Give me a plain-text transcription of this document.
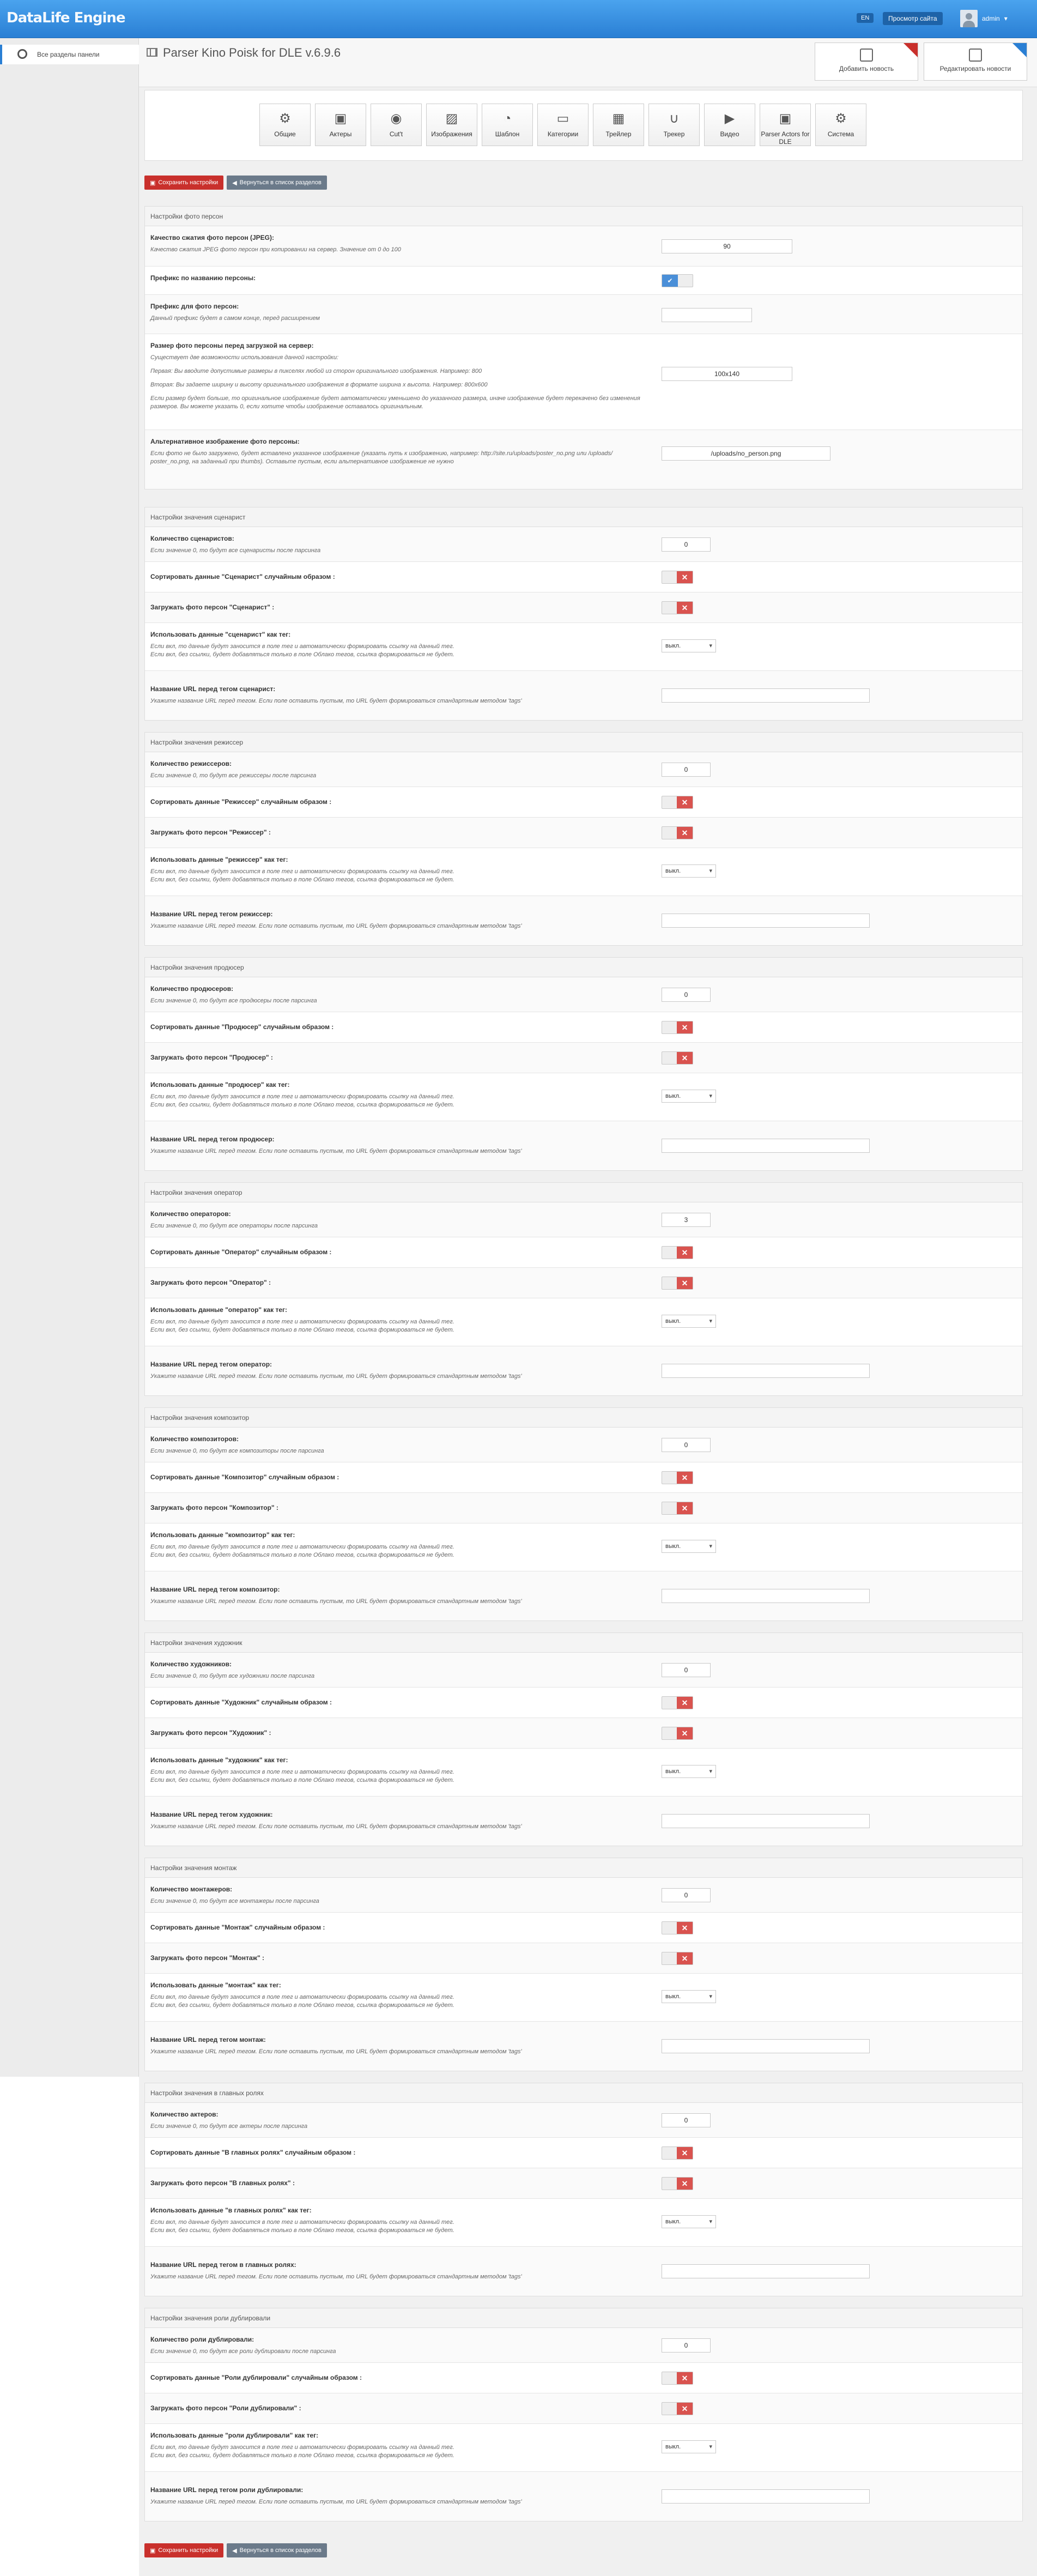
DataLife Engine	EN	Просмотр сайта	admin ▾
Все разделы панели	Parser Kino Poisk for DLE v.6.9.6
Добавить новость	Редактировать новости
⚙
Общие
▣
Актеры
◉
Cut't
▨
Изображения
◔
Шаблон
▭
Категории
▦
Трейлер
∪
Трекер
▶
Видео
▣
Parser Actors for DLE
⚙
Система
▣ Сохранить настройки ◀ Вернуться в список разделов
Настройки фото персон
Качество сжатия фото персон (JPEG):
Качество сжатия JPEG фото персон при копировании на сервер. Значение от 0 до 100	90
Префикс по названию персоны:	✔
Префикс для фото персон:
Данный префикс будет в самом конце, перед расширением
Размер фото персоны перед загрузкой на сервер:
Существует две возможности использования данной настройки:
Первая: Вы вводите допустимые размеры в пикселях любой из сторон оригинального изображения. Например: 800
Вторая: Вы задаете ширину и высоту оригинального изображения в формате ширина х высота. Например: 800x600
Если размер будет больше, то оригинальное изображение будет автоматически уменьшено до указанного размера, иначе изображение будет перекачено без изменения размеров. Вы можете указать 0, если хотите чтобы изображение оставалось оригинальным.
100x140
Альтернативное изображение фото персоны:
Если фото не было загружено, будет вставлено указанное изображение (указать путь к изображению, например: http://site.ru/uploads/poster_no.png или /uploads/
poster_no.png, на заданный при thumbs). Оставьте пустым, если альтернативное изображение не нужно
/uploads/no_person.png
Настройки значения сценарист
Количество сценаристов:
Если значение 0, то будут все сценаристы после парсинга
0
Сортировать данные "Сценарист" случайным образом :	✕
Загружать фото персон "Сценарист" :	✕
Использовать данные "сценарист" как тег:
Если вкл, то данные будут заносится в поле тег и автоматически формировать ссылку на данный тег.
Если вкл, без ссылки, будет добавляться только в поле Облако тегов, ссылка формироваться не будет.
выкл. ▾
Название URL перед тегом сценарист:
Укажите название URL перед тегом. Если поле оставить пустым, то URL будет формироваться стандартным методом 'tags'
Настройки значения режиссер
Количество режиссеров:
Если значение 0, то будут все режиссеры после парсинга
0
Сортировать данные "Режиссер" случайным образом :	✕
Загружать фото персон "Режиссер" :	✕
Использовать данные "режиссер" как тег:
Если вкл, то данные будут заносится в поле тег и автоматически формировать ссылку на данный тег.
Если вкл, без ссылки, будет добавляться только в поле Облако тегов, ссылка формироваться не будет.
выкл. ▾
Название URL перед тегом режиссер:
Укажите название URL перед тегом. Если поле оставить пустым, то URL будет формироваться стандартным методом 'tags'
Настройки значения продюсер
Количество продюсеров:
Если значение 0, то будут все продюсеры после парсинга
0
Сортировать данные "Продюсер" случайным образом :	✕
Загружать фото персон "Продюсер" :	✕
Использовать данные "продюсер" как тег:
Если вкл, то данные будут заносится в поле тег и автоматически формировать ссылку на данный тег.
Если вкл, без ссылки, будет добавляться только в поле Облако тегов, ссылка формироваться не будет.
выкл. ▾
Название URL перед тегом продюсер:
Укажите название URL перед тегом. Если поле оставить пустым, то URL будет формироваться стандартным методом 'tags'
Настройки значения оператор
Количество операторов:
Если значение 0, то будут все операторы после парсинга
3
Сортировать данные "Оператор" случайным образом :	✕
Загружать фото персон "Оператор" :	✕
Использовать данные "оператор" как тег:
Если вкл, то данные будут заносится в поле тег и автоматически формировать ссылку на данный тег.
Если вкл, без ссылки, будет добавляться только в поле Облако тегов, ссылка формироваться не будет.
выкл. ▾
Название URL перед тегом оператор:
Укажите название URL перед тегом. Если поле оставить пустым, то URL будет формироваться стандартным методом 'tags'
Настройки значения композитор
Количество композиторов:
Если значение 0, то будут все композиторы после парсинга
0
Сортировать данные "Композитор" случайным образом :	✕
Загружать фото персон "Композитор" :	✕
Использовать данные "композитор" как тег:
Если вкл, то данные будут заносится в поле тег и автоматически формировать ссылку на данный тег.
Если вкл, без ссылки, будет добавляться только в поле Облако тегов, ссылка формироваться не будет.
выкл. ▾
Название URL перед тегом композитор:
Укажите название URL перед тегом. Если поле оставить пустым, то URL будет формироваться стандартным методом 'tags'
Настройки значения художник
Количество художников:
Если значение 0, то будут все художники после парсинга
0
Сортировать данные "Художник" случайным образом :	✕
Загружать фото персон "Художник" :	✕
Использовать данные "художник" как тег:
Если вкл, то данные будут заносится в поле тег и автоматически формировать ссылку на данный тег.
Если вкл, без ссылки, будет добавляться только в поле Облако тегов, ссылка формироваться не будет.
выкл. ▾
Название URL перед тегом художник:
Укажите название URL перед тегом. Если поле оставить пустым, то URL будет формироваться стандартным методом 'tags'
Настройки значения монтаж
Количество монтажеров:
Если значение 0, то будут все монтажеры после парсинга
0
Сортировать данные "Монтаж" случайным образом :	✕
Загружать фото персон "Монтаж" :	✕
Использовать данные "монтаж" как тег:
Если вкл, то данные будут заносится в поле тег и автоматически формировать ссылку на данный тег.
Если вкл, без ссылки, будет добавляться только в поле Облако тегов, ссылка формироваться не будет.
выкл. ▾
Название URL перед тегом монтаж:
Укажите название URL перед тегом. Если поле оставить пустым, то URL будет формироваться стандартным методом 'tags'
Настройки значения в главных ролях
Количество актеров:
Если значение 0, то будут все актеры после парсинга
0
Сортировать данные "В главных ролях" случайным образом :	✕
Загружать фото персон "В главных ролях" :	✕
Использовать данные "в главных ролях" как тег:
Если вкл, то данные будут заносится в поле тег и автоматически формировать ссылку на данный тег.
Если вкл, без ссылки, будет добавляться только в поле Облако тегов, ссылка формироваться не будет.
выкл. ▾
Название URL перед тегом в главных ролях:
Укажите название URL перед тегом. Если поле оставить пустым, то URL будет формироваться стандартным методом 'tags'
Настройки значения роли дублировали
Количество роли дублировали:
Если значение 0, то будут все роли дублировали после парсинга
0
Сортировать данные "Роли дублировали" случайным образом :	✕
Загружать фото персон "Роли дублировали" :	✕
Использовать данные "роли дублировали" как тег:
Если вкл, то данные будут заносится в поле тег и автоматически формировать ссылку на данный тег.
Если вкл, без ссылки, будет добавляться только в поле Облако тегов, ссылка формироваться не будет.
выкл. ▾
Название URL перед тегом роли дублировали:
Укажите название URL перед тегом. Если поле оставить пустым, то URL будет формироваться стандартным методом 'tags'
▣ Сохранить настройки ◀ Вернуться в список разделов
